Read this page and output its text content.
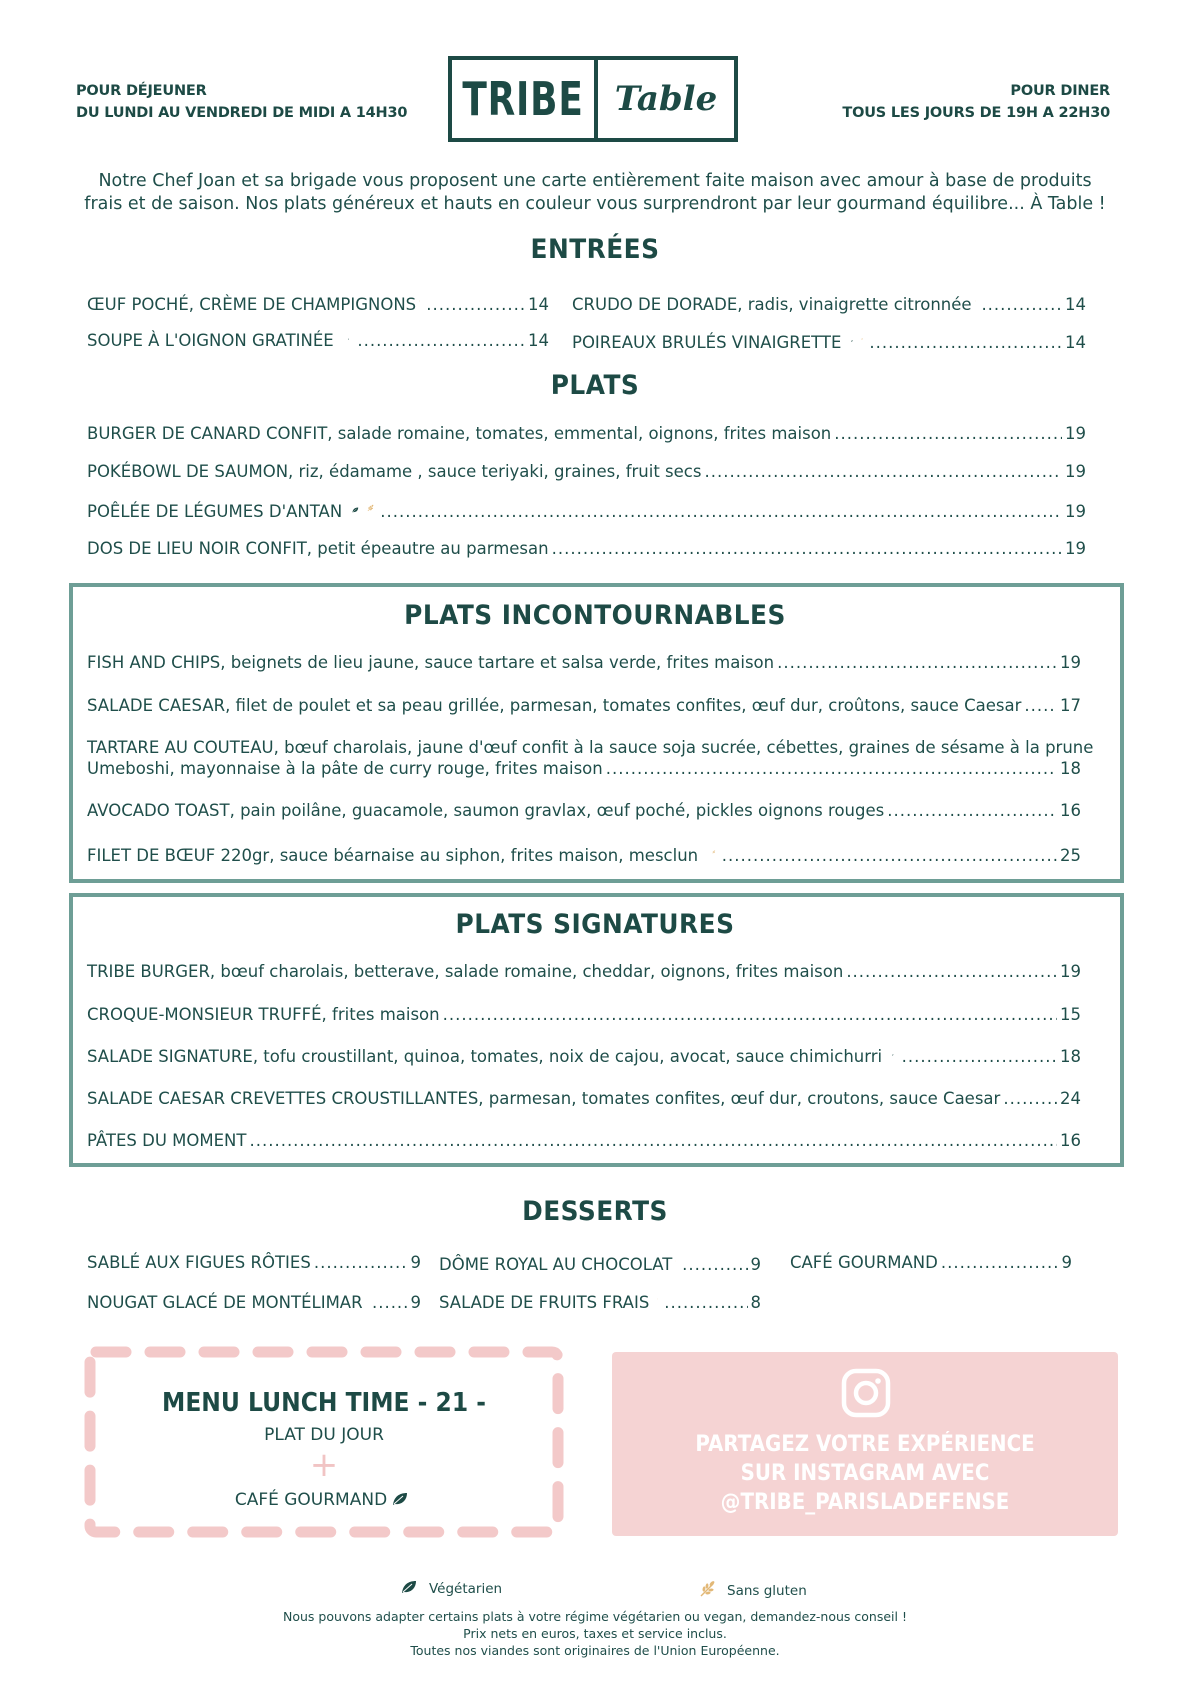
POUR DÉJEUNER
DU LUNDI AU VENDREDI DE MIDI A 14H30 TRIBE Table	POUR DINER
TOUS LES JOURS DE 19H A 22H30
Notre Chef Joan et sa brigade vous proposent une carte entièrement faite maison avec amour à base de produits
frais et de saison. Nos plats généreux et hauts en couleur vous surprendront par leur gourmand équilibre... À Table !
ENTRÉES
ŒUF POCHÉ, CRÈME DE CHAMPIGNONS .....	14 CRUDO DE DORADE, radis, vinaigrette citronnée .....	14
SOUPE À L'OIGNON GRATINÉE .....	14 POIREAUX BRULÉS VINAIGRETTE .....	14
PLATS
BURGER DE CANARD CONFIT, salade romaine, tomates, emmental, oignons, frites maison .....	19
POKÉBOWL DE SAUMON, riz, édamame , sauce teriyaki, graines, fruit secs .....	19
POÊLÉE DE LÉGUMES D'ANTAN .....	19
DOS DE LIEU NOIR CONFIT, petit épeautre au parmesan .....	19
PLATS INCONTOURNABLES
FISH AND CHIPS, beignets de lieu jaune, sauce tartare et salsa verde, frites maison .....	19
SALADE CAESAR, filet de poulet et sa peau grillée, parmesan, tomates confites, œuf dur, croûtons, sauce Caesar ..... 17
TARTARE AU COUTEAU, bœuf charolais, jaune d'œuf confit à la sauce soja sucrée, cébettes, graines de sésame à la prune
Umeboshi, mayonnaise à la pâte de curry rouge, frites maison .....	18
AVOCADO TOAST, pain poilâne, guacamole, saumon gravlax, œuf poché, pickles oignons rouges .....	16
FILET DE BŒUF 220gr, sauce béarnaise au siphon, frites maison, mesclun .....	25
PLATS SIGNATURES
TRIBE BURGER, bœuf charolais, betterave, salade romaine, cheddar, oignons, frites maison .....	19
CROQUE-MONSIEUR TRUFFÉ, frites maison .....	15
SALADE SIGNATURE, tofu croustillant, quinoa, tomates, noix de cajou, avocat, sauce chimichurri .....	18
SALADE CAESAR CREVETTES CROUSTILLANTES, parmesan, tomates confites, œuf dur, croutons, sauce Caesar .....	24
PÂTES DU MOMENT .....	16
DESSERTS
SABLÉ AUX FIGUES RÔTIES .....	9 DÔME ROYAL AU CHOCOLAT .....	9 CAFÉ GOURMAND .....	9
NOUGAT GLACÉ DE MONTÉLIMAR .....	9 SALADE DE FRUITS FRAIS .....	8
MENU LUNCH TIME - 21 -
PLAT DU JOUR
+
CAFÉ GOURMAND
PARTAGEZ VOTRE EXPÉRIENCE
SUR INSTAGRAM AVEC
@TRIBE_PARISLADEFENSE
Végétarien	Sans gluten
Nous pouvons adapter certains plats à votre régime végétarien ou vegan, demandez-nous conseil !
Prix nets en euros, taxes et service inclus.
Toutes nos viandes sont originaires de l'Union Européenne.
